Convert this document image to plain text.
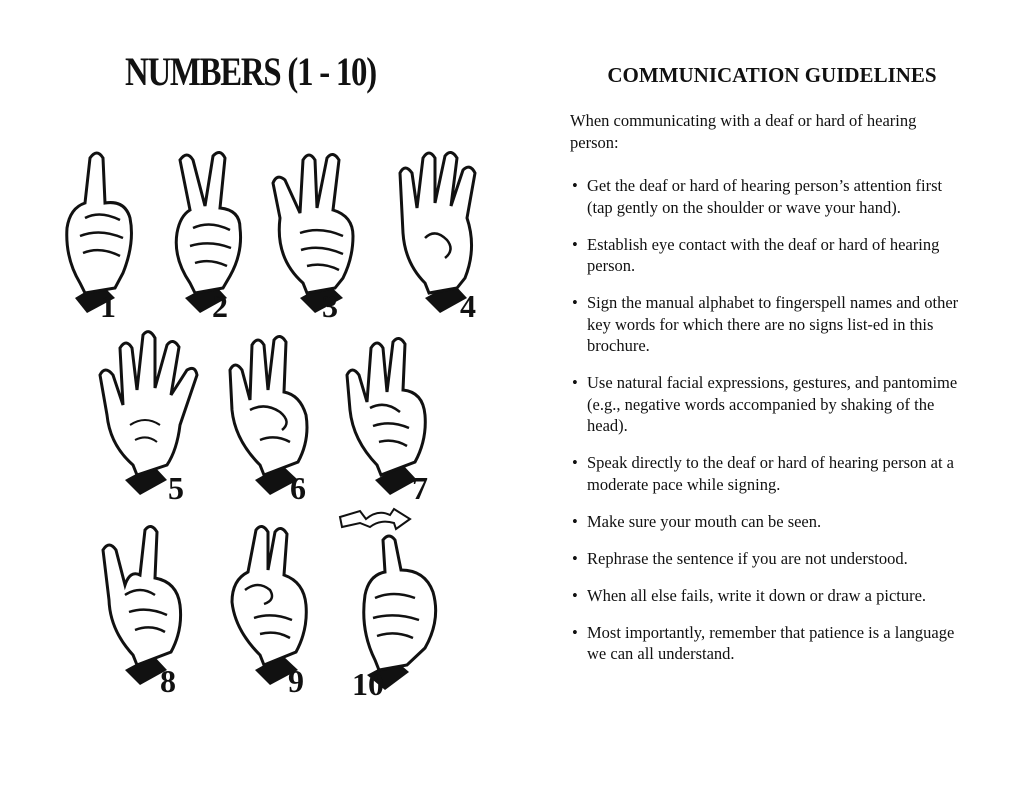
NUMBERS (1 - 10)
1	2	3	4
5	6	7
8	9 10
COMMUNICATION GUIDELINES
When communicating with a deaf or hard of hearing person:
• Get the deaf or hard of hearing person’s attention first (tap gently on the shoulder or wave your hand).
• Establish eye contact with the deaf or hard of hearing person.
• Sign the manual alphabet to fingerspell names and other key words for which there are no signs list-ed in this brochure.
• Use natural facial expressions, gestures, and pantomime (e.g., negative words accompanied by shaking of the head).
• Speak directly to the deaf or hard of hearing person at a moderate pace while signing.
• Make sure your mouth can be seen.
• Rephrase the sentence if you are not understood.
• When all else fails, write it down or draw a picture.
• Most importantly, remember that patience is a language we can all understand.
